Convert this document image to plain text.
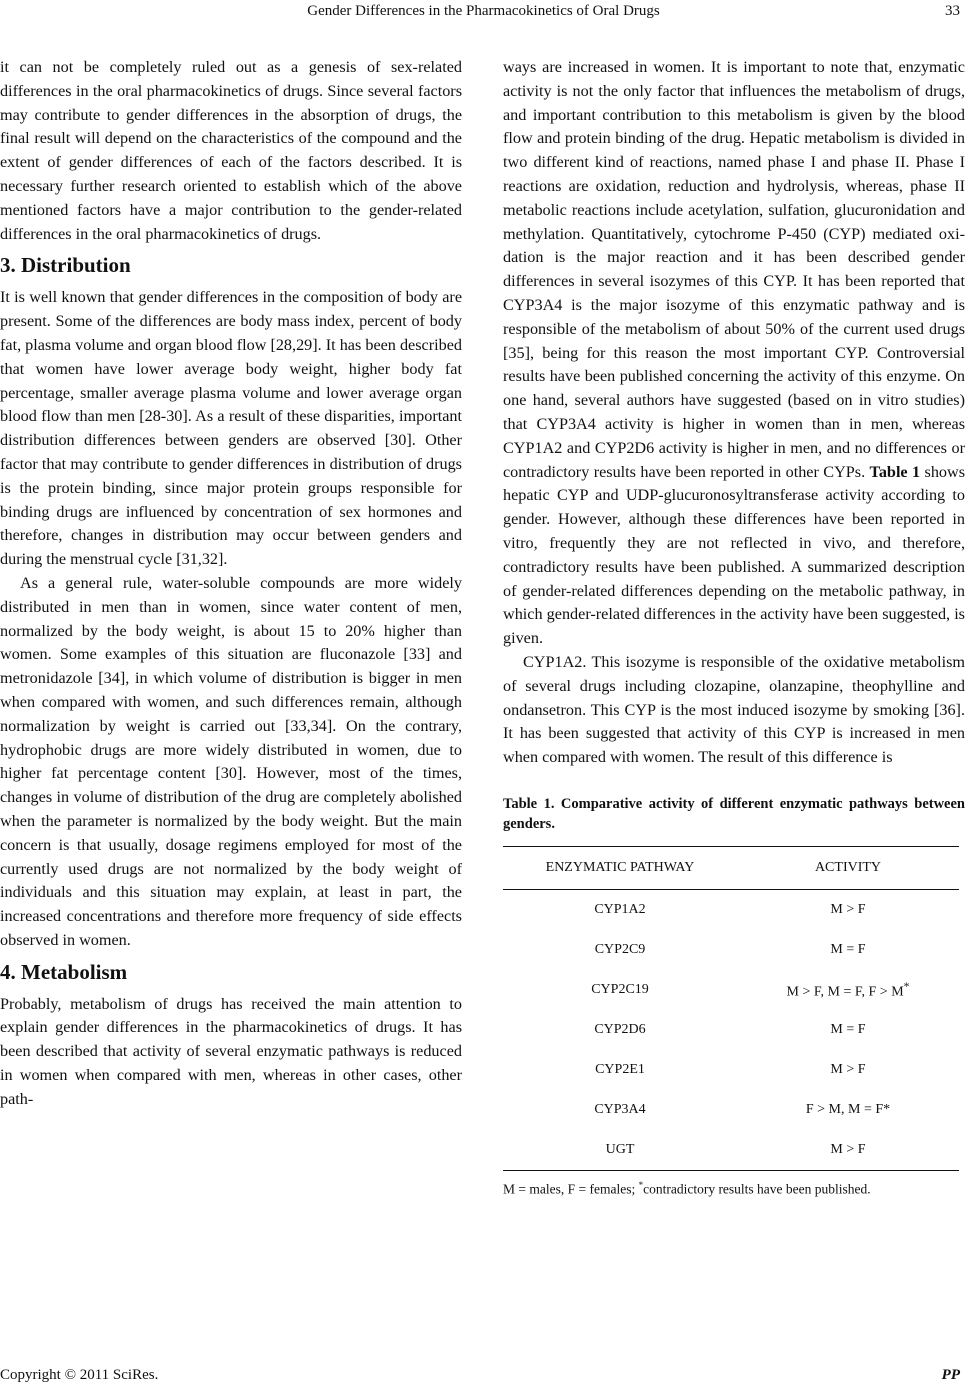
Gender Differences in the Pharmacokinetics of Oral Drugs	33

it can not be completely ruled out as a genesis of sex-related differences in the oral pharmacokinetics of drugs. Since several factors may contribute to gender differences in the absorption of drugs, the final result will depend on the characteristics of the compound and the extent of gender differences of each of the factors described. It is necessary further research oriented to establish which of the above mentioned factors have a major contribution to the gender-related differences in the oral pharmacokinetics of drugs.

3. Distribution

It is well known that gender differences in the composition of body are present. Some of the differences are body mass index, percent of body fat, plasma volume and organ blood flow [28,29]. It has been described that women have lower average body weight, higher body fat percentage, smaller average plasma volume and lower average organ blood flow than men [28-30]. As a result of these disparities, important distribution differences between genders are observed [30]. Other factor that may contribute to gender differences in distribution of drugs is the protein binding, since major protein groups responsible for binding drugs are influenced by concentration of sex hormones and therefore, changes in distribution may occur between genders and during the menstrual cycle [31,32].

As a general rule, water-soluble compounds are more widely distributed in men than in women, since water content of men, normalized by the body weight, is about 15 to 20% higher than women. Some examples of this situation are fluconazole [33] and metronidazole [34], in which volume of distribution is bigger in men when compared with women, and such differences remain, although normalization by weight is carried out [33,34]. On the contrary, hydrophobic drugs are more widely distributed in women, due to higher fat percentage content [30]. However, most of the times, changes in volume of distribution of the drug are completely abolished when the parameter is normalized by the body weight. But the main concern is that usually, dosage regimens employed for most of the currently used drugs are not normalized by the body weight of individuals and this situation may explain, at least in part, the increased concentrations and therefore more frequency of side effects observed in women.

4. Metabolism

Probably, metabolism of drugs has received the main attention to explain gender differences in the pharmacokinetics of drugs. It has been described that activity of several enzymatic pathways is reduced in women when compared with men, whereas in other cases, other path-

ways are increased in women. It is important to note that, enzymatic activity is not the only factor that influences the metabolism of drugs, and important contribution to this metabolism is given by the blood flow and protein binding of the drug. Hepatic metabolism is divided in two different kind of reactions, named phase I and phase II. Phase I reactions are oxidation, reduction and hydrolysis, whereas, phase II metabolic reactions include acetylation, sulfation, glucuronidation and methylation. Quantitatively, cytochrome P-450 (CYP) mediated oxidation is the major reaction and it has been described gender differences in several isozymes of this CYP. It has been reported that CYP3A4 is the major isozyme of this enzymatic pathway and is responsible of the metabolism of about 50% of the current used drugs [35], being for this reason the most important CYP. Controversial results have been published concerning the activity of this enzyme. On one hand, several authors have suggested (based on in vitro studies) that CYP3A4 activity is higher in women than in men, whereas CYP1A2 and CYP2D6 activity is higher in men, and no differences or contradictory results have been reported in other CYPs. Table 1 shows hepatic CYP and UDP-glucuronosyltransferase activity according to gender. However, although these differences have been reported in vitro, frequently they are not reflected in vivo, and therefore, contradictory results have been published. A summarized description of gender-related differences depending on the metabolic pathway, in which gender-related differences in the activity have been suggested, is given.

CYP1A2. This isozyme is responsible of the oxidative metabolism of several drugs including clozapine, olanzapine, theophylline and ondansetron. This CYP is the most induced isozyme by smoking [36]. It has been suggested that activity of this CYP is increased in men when compared with women. The result of this difference is

Table 1. Comparative activity of different enzymatic pathways between genders.
ENZYMATIC PATHWAY	ACTIVITY
CYP1A2	M > F
CYP2C9	M = F
CYP2C19	M > F, M = F, F > M*
CYP2D6	M = F
CYP2E1	M > F
CYP3A4	F > M, M = F*
UGT	M > F
M = males, F = females; *contradictory results have been published.
Copyright © 2011 SciRes.	PP
